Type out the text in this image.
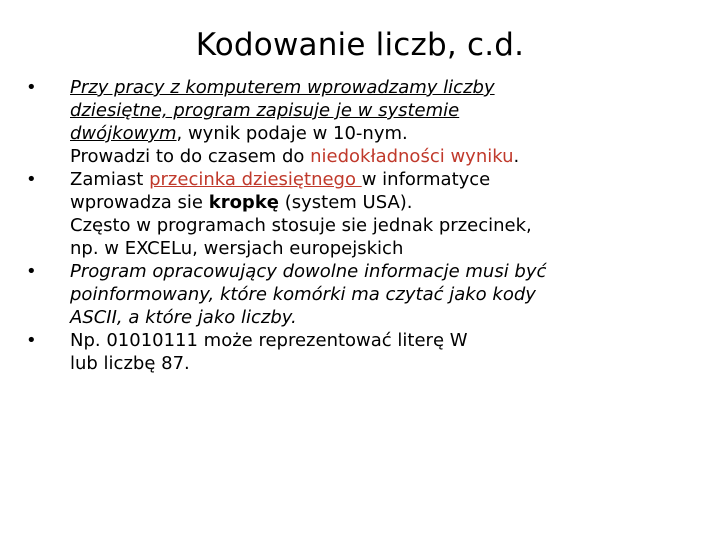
Kodowanie liczb, c.d.
• Przy pracy z komputerem wprowadzamy liczby
dziesiętne, program zapisuje je w systemie
dwójkowym, wynik podaje w 10-nym.
Prowadzi to do czasem do niedokładności wyniku.
• Zamiast przecinka dziesiętnego w informatyce
wprowadza sie kropkę (system USA).
Często w programach stosuje sie jednak przecinek,
np. w EXCELu, wersjach europejskich
• Program opracowujący dowolne informacje musi być
poinformowany, które komórki ma czytać jako kody
ASCII, a które jako liczby.
• Np. 01010111 może reprezentować literę W
lub liczbę 87.
